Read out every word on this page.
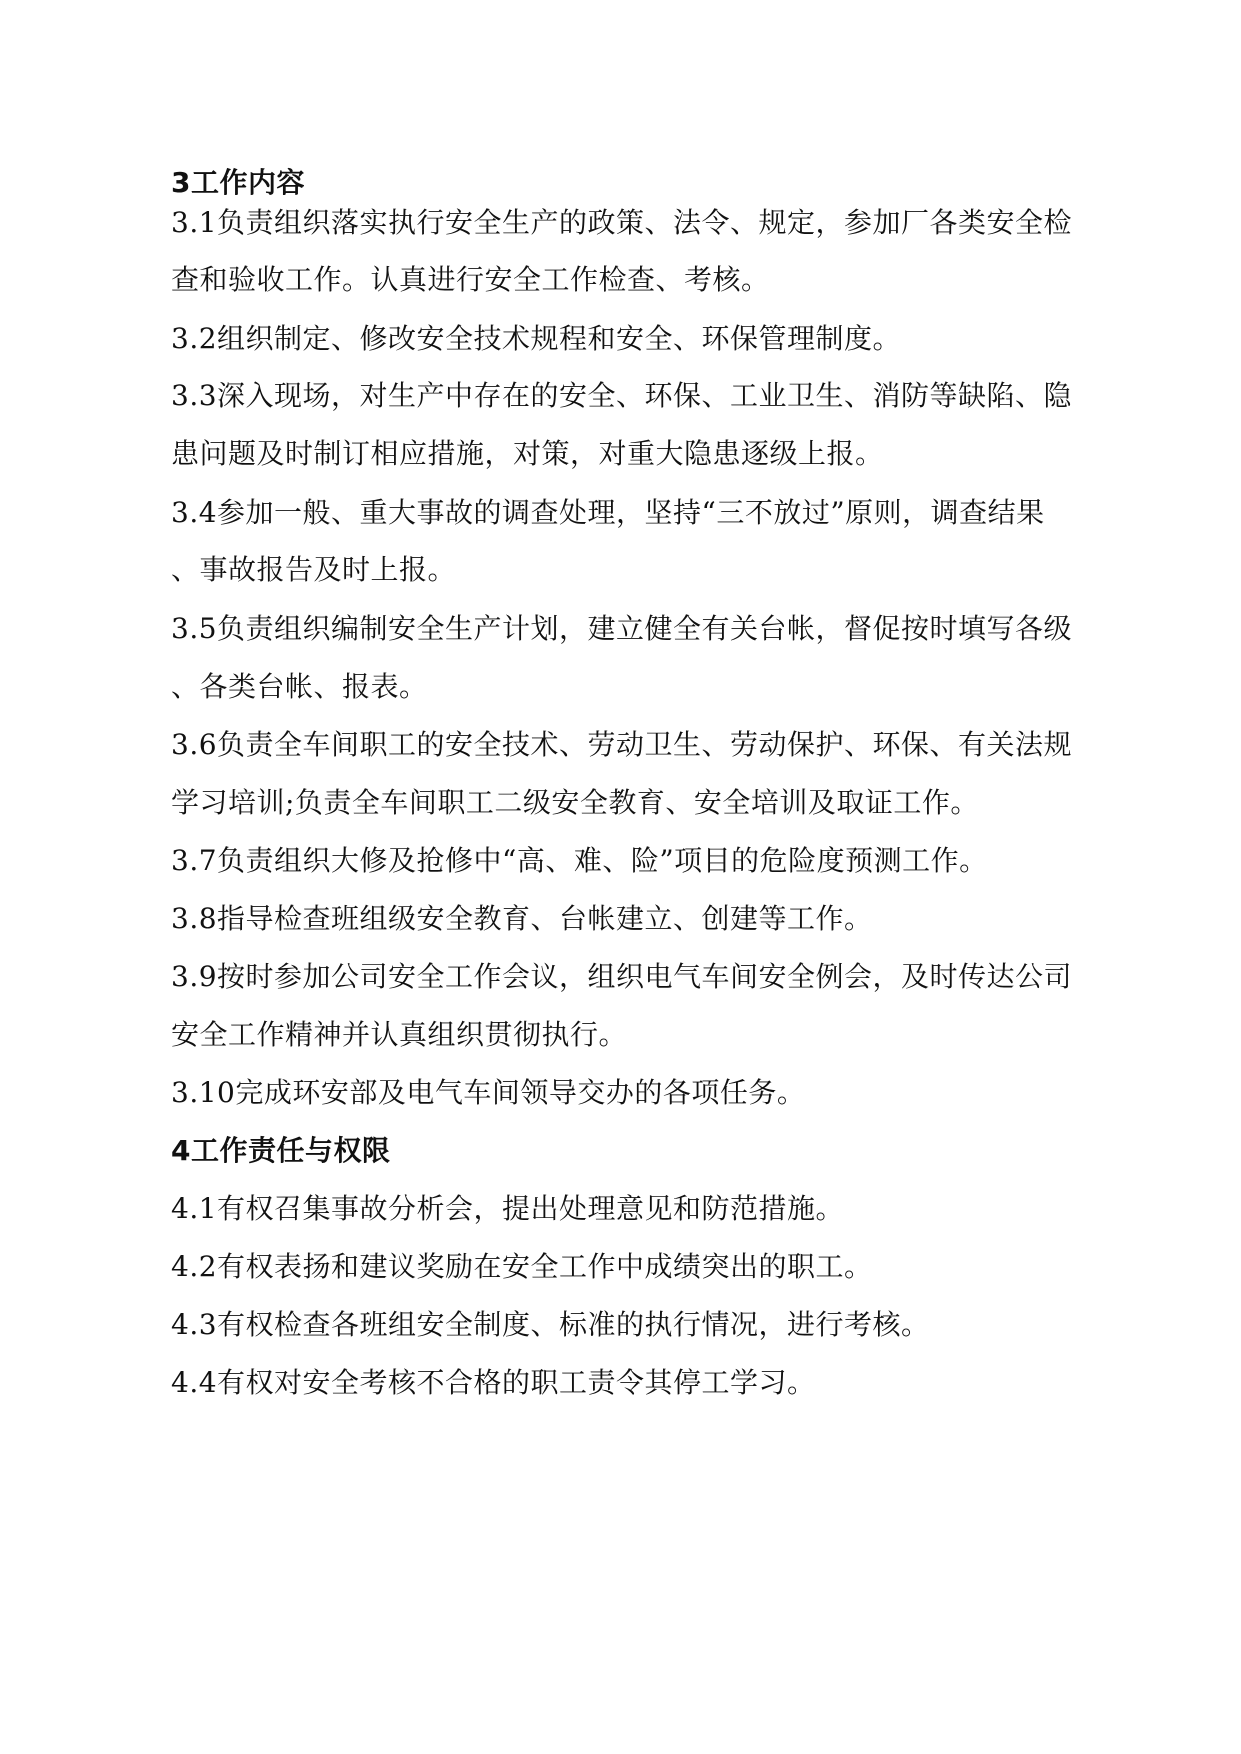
3工作内容
3.1负责组织落实执行安全生产的政策、法令、规定，参加厂各类安全检
查和验收工作。认真进行安全工作检查、考核。
3.2组织制定、修改安全技术规程和安全、环保管理制度。
3.3深入现场，对生产中存在的安全、环保、工业卫生、消防等缺陷、隐
患问题及时制订相应措施，对策，对重大隐患逐级上报。
3.4参加一般、重大事故的调查处理，坚持“三不放过”原则，调查结果
、事故报告及时上报。
3.5负责组织编制安全生产计划，建立健全有关台帐，督促按时填写各级
、各类台帐、报表。
3.6负责全车间职工的安全技术、劳动卫生、劳动保护、环保、有关法规
学习培训;负责全车间职工二级安全教育、安全培训及取证工作。
3.7负责组织大修及抢修中“高、难、险”项目的危险度预测工作。
3.8指导检查班组级安全教育、台帐建立、创建等工作。
3.9按时参加公司安全工作会议，组织电气车间安全例会，及时传达公司
安全工作精神并认真组织贯彻执行。
3.10完成环安部及电气车间领导交办的各项任务。
4工作责任与权限
4.1有权召集事故分析会，提出处理意见和防范措施。
4.2有权表扬和建议奖励在安全工作中成绩突出的职工。
4.3有权检查各班组安全制度、标准的执行情况，进行考核。
4.4有权对安全考核不合格的职工责令其停工学习。
